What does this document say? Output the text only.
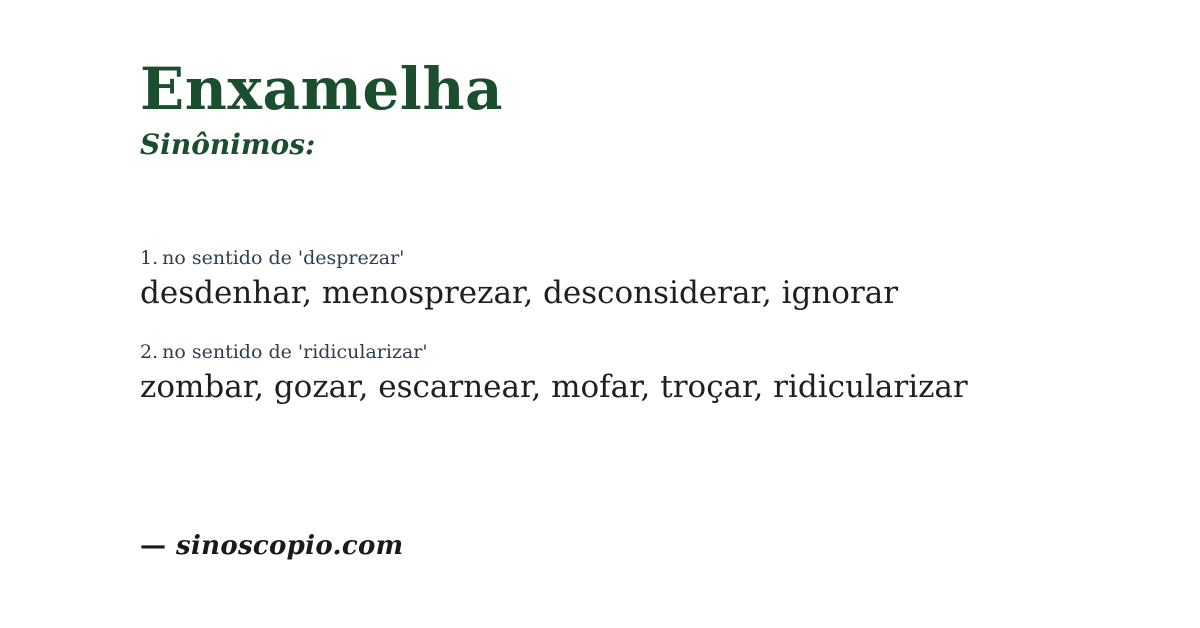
Enxamelha
Sinônimos:
1. no sentido de 'desprezar'
desdenhar, menosprezar, desconsiderar, ignorar
2. no sentido de 'ridicularizar'
zombar, gozar, escarnear, mofar, troçar, ridicularizar
— sinoscopio.com
